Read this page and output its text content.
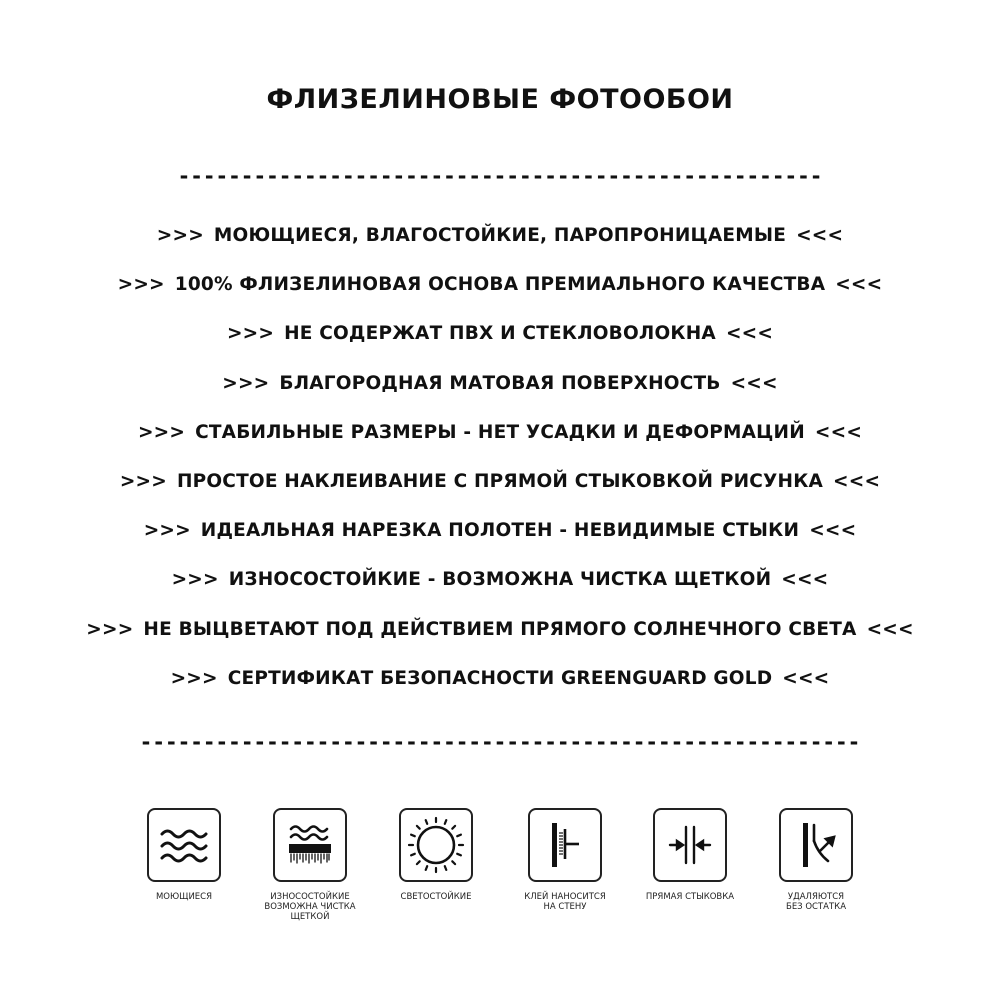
ФЛИЗЕЛИНОВЫЕ ФОТООБОИ
---------------------------------------------------
>>> МОЮЩИЕСЯ, ВЛАГОСТОЙКИЕ, ПАРОПРОНИЦАЕМЫЕ <<<
>>> 100% ФЛИЗЕЛИНОВАЯ ОСНОВА ПРЕМИАЛЬНОГО КАЧЕСТВА <<<
>>> НЕ СОДЕРЖАТ ПВХ И СТЕКЛОВОЛОКНА <<<
>>> БЛАГОРОДНАЯ МАТОВАЯ ПОВЕРХНОСТЬ <<<
>>> СТАБИЛЬНЫЕ РАЗМЕРЫ - НЕТ УСАДКИ И ДЕФОРМАЦИЙ <<<
>>> ПРОСТОЕ НАКЛЕИВАНИЕ С ПРЯМОЙ СТЫКОВКОЙ РИСУНКА <<<
>>> ИДЕАЛЬНАЯ НАРЕЗКА ПОЛОТЕН - НЕВИДИМЫЕ СТЫКИ <<<
>>> ИЗНОСОСТОЙКИЕ - ВОЗМОЖНА ЧИСТКА ЩЕТКОЙ <<<
>>> НЕ ВЫЦВЕТАЮТ ПОД ДЕЙСТВИЕМ ПРЯМОГО СОЛНЕЧНОГО СВЕТА <<<
>>> СЕРТИФИКАТ БЕЗОПАСНОСТИ GREENGUARD GOLD <<<
---------------------------------------------------------
МОЮЩИЕСЯ	ИЗНОСОСТОЙКИЕ
ВОЗМОЖНА ЧИСТКА ЩЕТКОЙ
СВЕТОСТОЙКИЕ	КЛЕЙ НАНОСИТСЯ
НА СТЕНУ
ПРЯМАЯ СТЫКОВКА	УДАЛЯЮТСЯ
БЕЗ ОСТАТКА
